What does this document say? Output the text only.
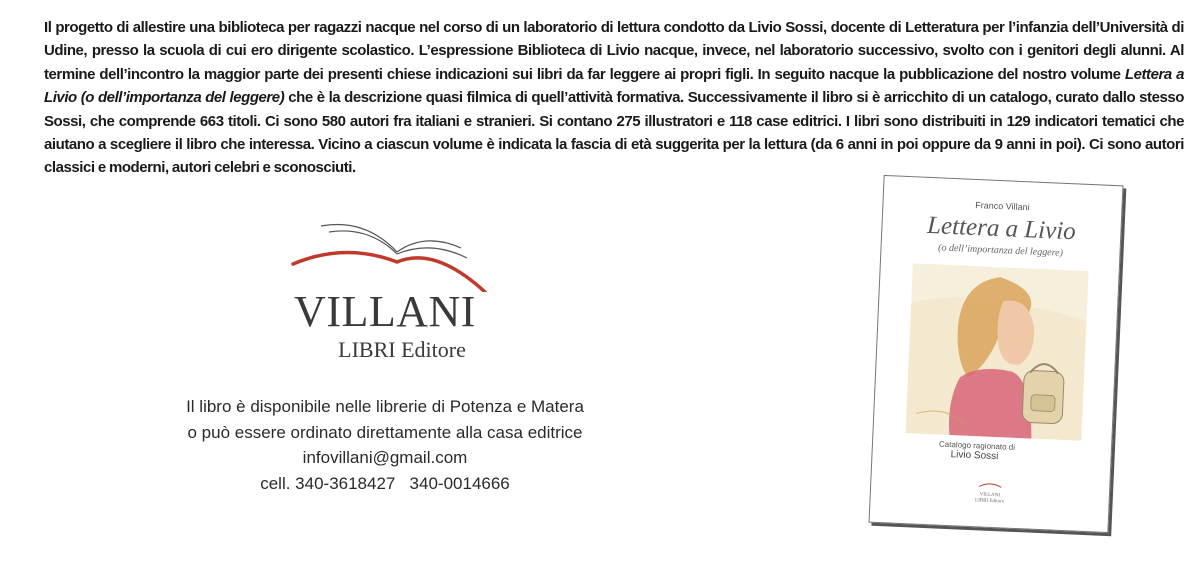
Il progetto di allestire una biblioteca per ragazzi nacque nel corso di un laboratorio di lettura condotto da Livio Sossi, docente di Letteratura per l’infanzia dell’Università di Udine, presso la scuola di cui ero dirigente scolastico. L’espressione Biblioteca di Livio nacque, invece, nel laboratorio successivo, svolto con i genitori degli alunni. Al termine dell’incontro la maggior parte dei presenti chiese indicazioni sui libri da far leggere ai propri figli. In seguito nacque la pubblicazione del nostro volume Lettera a Livio (o dell’importanza del leggere) che è la descrizione quasi filmica di quell’attività formativa. Successivamente il libro si è arricchito di un catalogo, curato dallo stesso Sossi, che comprende 663 titoli. Ci sono 580 autori fra italiani e stranieri. Si contano 275 illustratori e 118 case editrici. I libri sono distribuiti in 129 indicatori tematici che aiutano a scegliere il libro che interessa. Vicino a ciascun volume è indicata la fascia di età suggerita per la lettura (da 6 anni in poi oppure da 9 anni in poi). Ci sono autori classici e moderni, autori celebri e sconosciuti.

VILLANI
LIBRI Editore
Il libro è disponibile nelle librerie di Potenza e Matera
o può essere ordinato direttamente alla casa editrice
infovillani@gmail.com
cell. 340-3618427   340-0014666
Franco Villani
Lettera a Livio
(o dell’importanza del leggere)
Catalogo ragionato di
Livio Sossi
VILLANI
LIBRI Editore
